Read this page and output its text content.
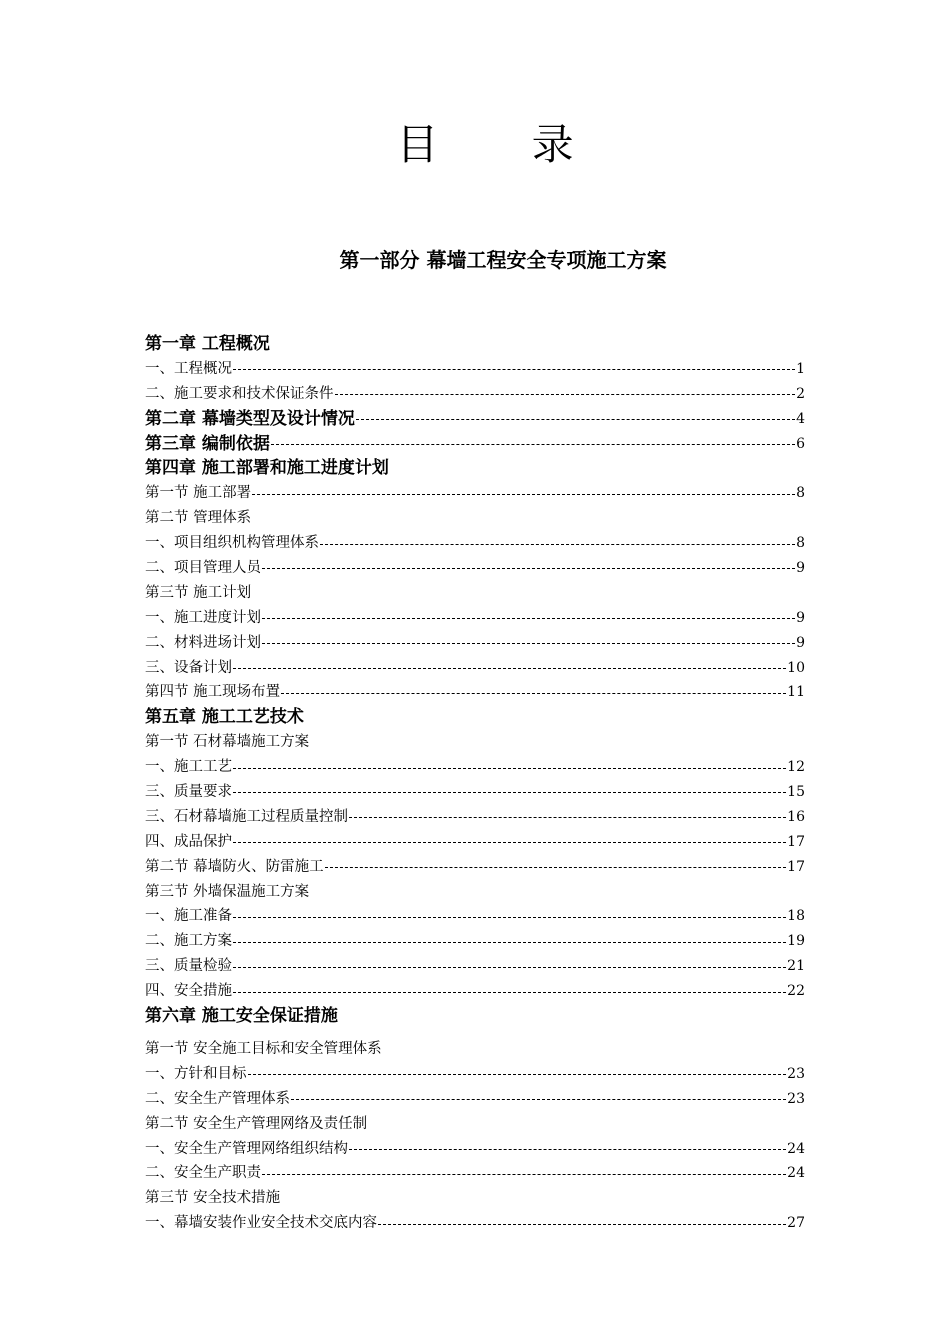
目 录
第一部分 幕墙工程安全专项施工方案
第一章 工程概况
一、工程概况	1
二、施工要求和技术保证条件	2
第二章 幕墙类型及设计情况	4
第三章 编制依据	6
第四章 施工部署和施工进度计划
第一节 施工部署	8
第二节 管理体系
一、项目组织机构管理体系	8
二、项目管理人员	9
第三节 施工计划
一、施工进度计划	9
二、材料进场计划	9
三、设备计划	10
第四节 施工现场布置	11
第五章 施工工艺技术
第一节 石材幕墙施工方案
一、施工工艺	12
三、质量要求	15
三、石材幕墙施工过程质量控制	16
四、成品保护	17
第二节 幕墙防火、防雷施工	17
第三节 外墙保温施工方案
一、施工准备	18
二、施工方案	19
三、质量检验	21
四、安全措施	22
第六章 施工安全保证措施
第一节 安全施工目标和安全管理体系
一、方针和目标	23
二、安全生产管理体系	23
第二节 安全生产管理网络及责任制
一、安全生产管理网络组织结构	24
二、安全生产职责	24
第三节 安全技术措施
一、幕墙安装作业安全技术交底内容	27
